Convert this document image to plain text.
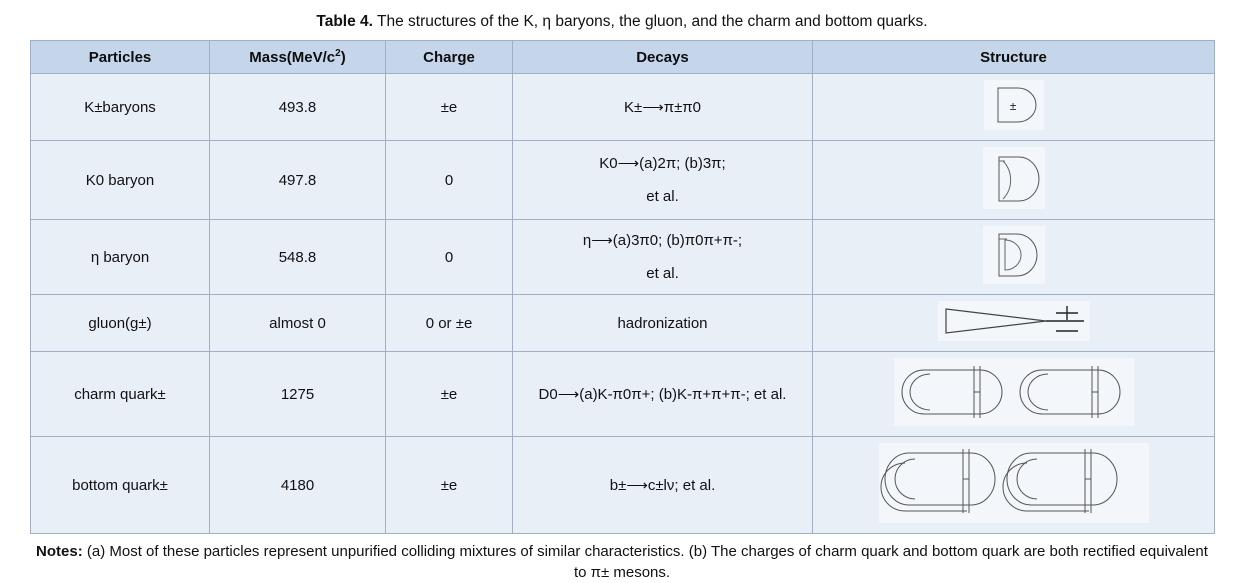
Table 4. The structures of the K, η baryons, the gluon, and the charm and bottom quarks.
Particles	$Mass(MeV/c^2)$	Charge	Decays	Structure
K±baryons	493.8	±e	K±⟶π±π0	±

K0 baryon	497.8	0	K0⟶(a)2π; (b)3π;
et al.

η baryon	548.8	0	η⟶(a)3π0; (b)π0π+π-;
et al.

gluon(g±)	almost 0	0 or ±e	hadronization	
charm quark±	1275	±e	D0⟶(a)K-π0π+; (b)K-π+π+π-; et al.	
bottom quark±	4180	±e	b±⟶c±lν; et al.	
Notes: (a) Most of these particles represent unpurified colliding mixtures of similar characteristics. (b) The charges of charm quark and bottom quark are both rectified equivalent to π± mesons.
